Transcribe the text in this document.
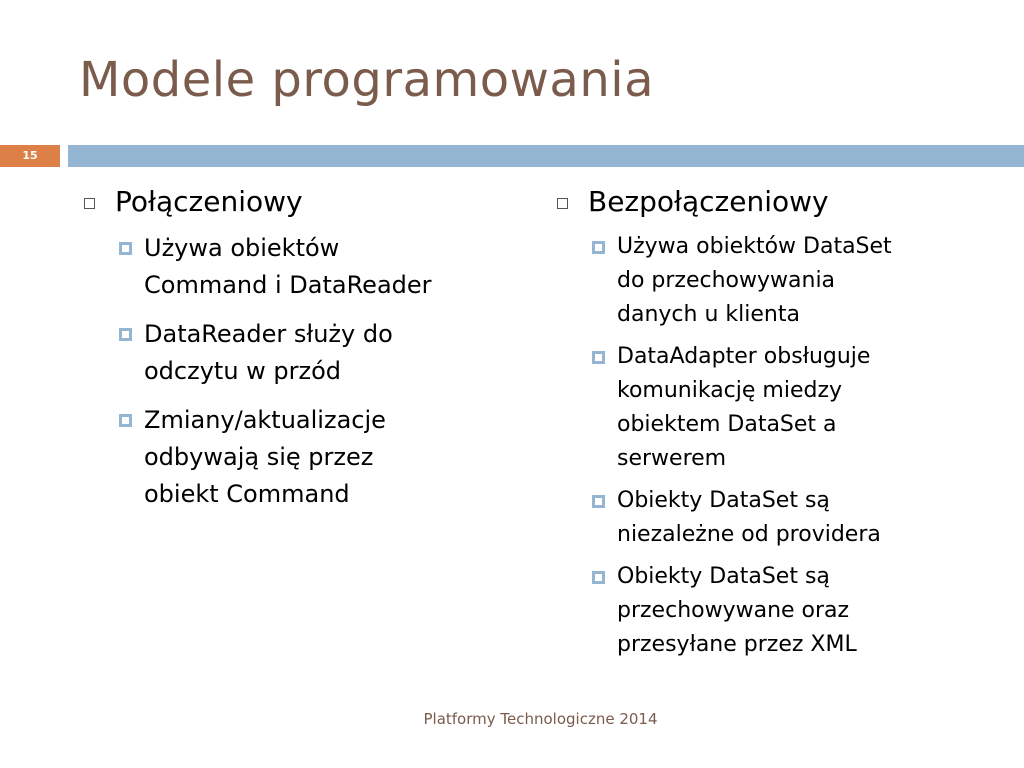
Modele programowania
15
Połączeniowy
Używa obiektów
Command i DataReader
DataReader służy do
odczytu w przód
Zmiany/aktualizacje
odbywają się przez
obiekt Command
Bezpołączeniowy
Używa obiektów DataSet
do przechowywania
danych u klienta
DataAdapter obsługuje
komunikację miedzy
obiektem DataSet a
serwerem
Obiekty DataSet są
niezależne od providera
Obiekty DataSet są
przechowywane oraz
przesyłane przez XML
Platformy Technologiczne 2014
